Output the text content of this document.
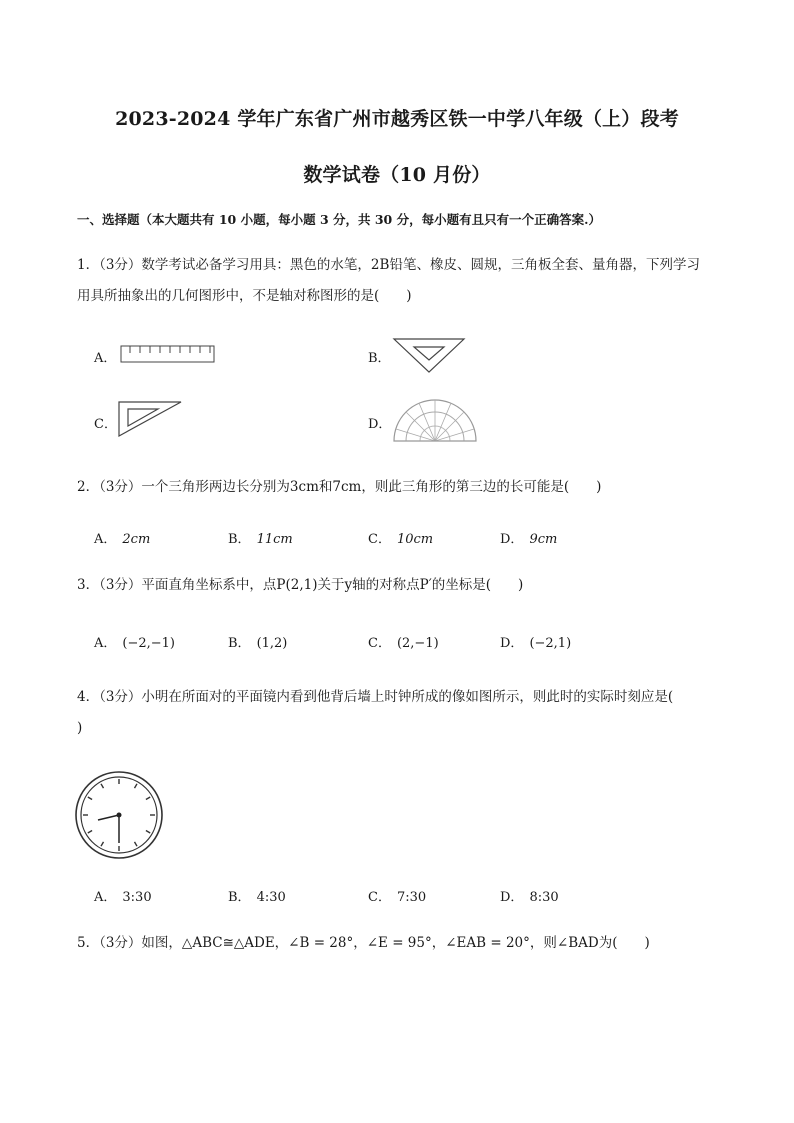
2023-2024 学年广东省广州市越秀区铁一中学八年级（上）段考
数学试卷（10 月份）
一、选择题（本大题共有 10 小题，每小题 3 分，共 30 分，每小题有且只有一个正确答案.）
1．（3分）数学考试必备学习用具：黑色的水笔，2B铅笔、橡皮、圆规，三角板全套、量角器，下列学习
用具所抽象出的几何图形中，不是轴对称图形的是(　　)
A．	B．
C．	D．
2．（3分）一个三角形两边长分别为3cm和7cm，则此三角形的第三边的长可能是(　　)
A． 2cm	B． 11cm	C． 10cm	D． 9cm
3．（3分）平面直角坐标系中，点P(2,1)关于y轴的对称点P′的坐标是(　　)
A． (−2,−1)	B． (1,2)	C． (2,−1)	D． (−2,1)
4．（3分）小明在所面对的平面镜内看到他背后墙上时钟所成的像如图所示，则此时的实际时刻应是(
)
A． 3:30	B． 4:30	C． 7:30	D． 8:30
5．（3分）如图，△ABC≅△ADE，∠B = 28°，∠E = 95°，∠EAB = 20°，则∠BAD为(　　)
